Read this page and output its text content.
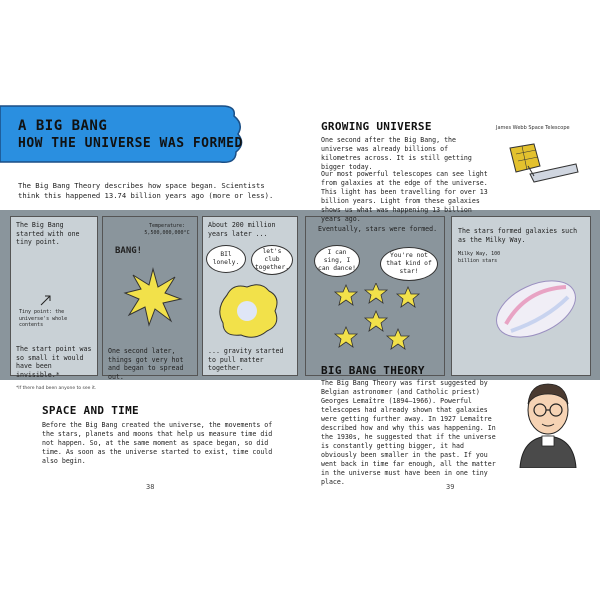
A BIG BANG
HOW THE UNIVERSE WAS FORMED
The Big Bang Theory describes how space began. Scientists think this happened 13.74 billion years ago (more or less).
The Big Bang started with one tiny point.
Tiny point: the universe's whole contents
The start point was so small it would have been invisible.*
Temperature: 5,500,000,000°C
BANG!
One second later, things got very hot and began to spread out.
About 200 million years later ...
BIl lonely.
let's club together.
... gravity started to pull matter together.
Eventually, stars were formed.
I can sing, I can dance!
You're not that kind of star!
The stars formed galaxies such as the Milky Way.
Milky Way, 100 billion stars
*If there had been anyone to see it.
SPACE AND TIME
Before the Big Bang created the universe, the movements of the stars, planets and moons that help us measure time did not happen. So, at the same moment as space began, so did time. As soon as the universe started to exist, time could also begin.
GROWING UNIVERSE
One second after the Big Bang, the universe was already billions of kilometres across. It is still getting bigger today.
Our most powerful telescopes can see light from galaxies at the edge of the universe. This light has been travelling for over 13 billion years. Light from these galaxies shows us what was happening 13 billion years ago.
James Webb Space Telescope
BIG BANG THEORY
The Big Bang Theory was first suggested by Belgian astronomer (and Catholic priest) Georges Lemaître (1894–1966). Powerful telescopes had already shown that galaxies were getting further away. In 1927 Lemaître described how and why this was happening. In the 1930s, he suggested that if the universe is constantly getting bigger, it had obviously been smaller in the past. If you went back in time far enough, all the matter in the universe must have been in one tiny place.
38	39
